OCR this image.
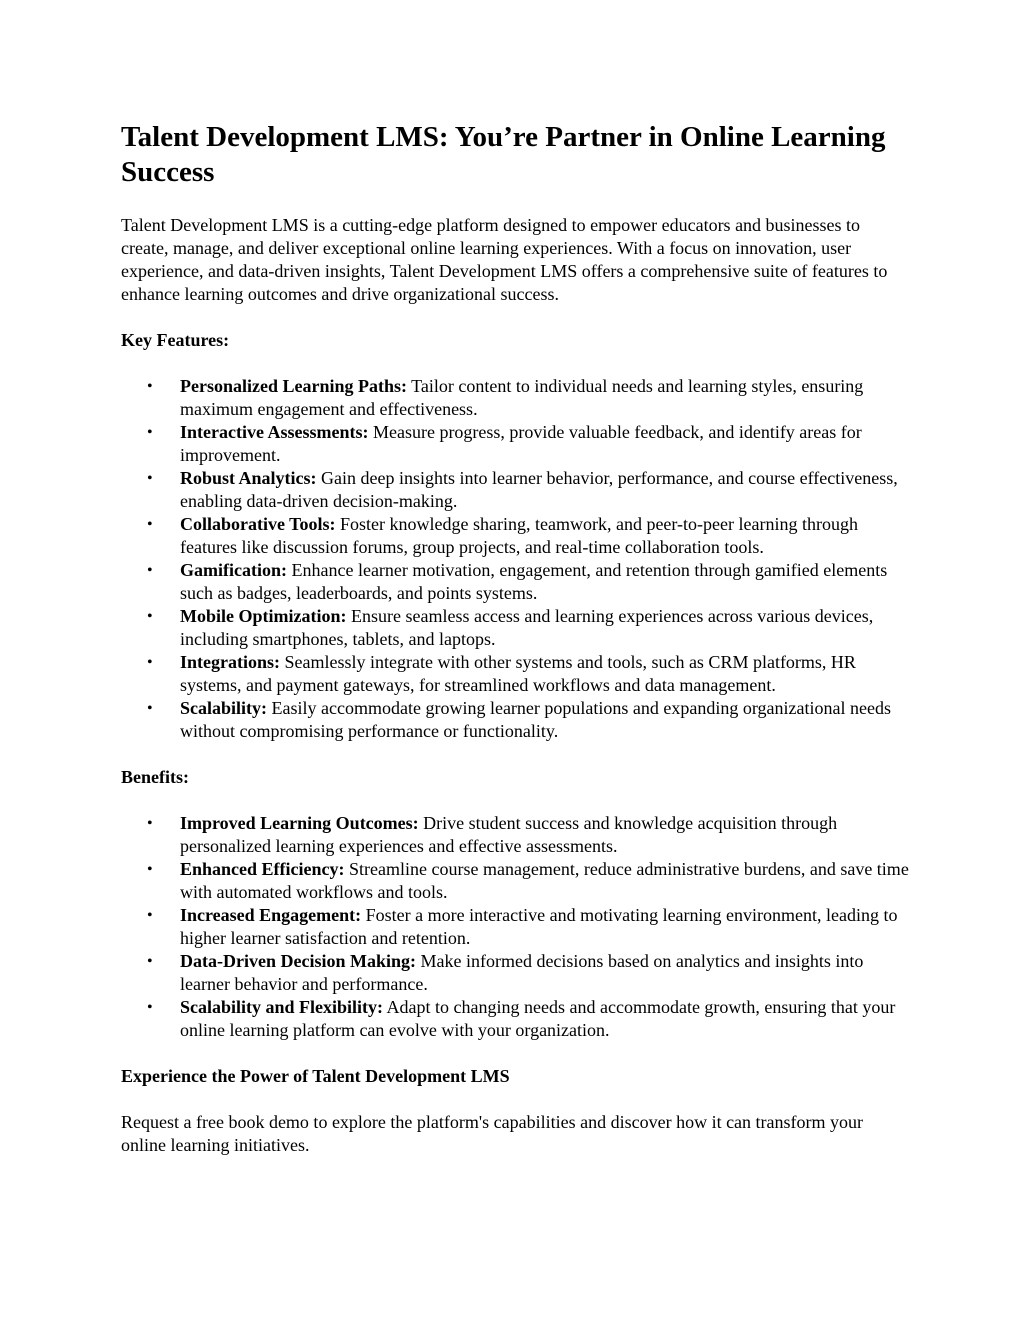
Talent Development LMS: You’re Partner in Online Learning Success

Talent Development LMS is a cutting-edge platform designed to empower educators and businesses to create, manage, and deliver exceptional online learning experiences. With a focus on innovation, user experience, and data-driven insights, Talent Development LMS offers a comprehensive suite of features to enhance learning outcomes and drive organizational success.

Key Features:

• Personalized Learning Paths: Tailor content to individual needs and learning styles, ensuring maximum engagement and effectiveness.
• Interactive Assessments: Measure progress, provide valuable feedback, and identify areas for improvement.
• Robust Analytics: Gain deep insights into learner behavior, performance, and course effectiveness, enabling data-driven decision-making.
• Collaborative Tools: Foster knowledge sharing, teamwork, and peer-to-peer learning through features like discussion forums, group projects, and real-time collaboration tools.
• Gamification: Enhance learner motivation, engagement, and retention through gamified elements such as badges, leaderboards, and points systems.
• Mobile Optimization: Ensure seamless access and learning experiences across various devices, including smartphones, tablets, and laptops.
• Integrations: Seamlessly integrate with other systems and tools, such as CRM platforms, HR systems, and payment gateways, for streamlined workflows and data management.
• Scalability: Easily accommodate growing learner populations and expanding organizational needs without compromising performance or functionality.

Benefits:

• Improved Learning Outcomes: Drive student success and knowledge acquisition through personalized learning experiences and effective assessments.
• Enhanced Efficiency: Streamline course management, reduce administrative burdens, and save time with automated workflows and tools.
• Increased Engagement: Foster a more interactive and motivating learning environment, leading to higher learner satisfaction and retention.
• Data-Driven Decision Making: Make informed decisions based on analytics and insights into learner behavior and performance.
• Scalability and Flexibility: Adapt to changing needs and accommodate growth, ensuring that your online learning platform can evolve with your organization.

Experience the Power of Talent Development LMS

Request a free book demo to explore the platform's capabilities and discover how it can transform your online learning initiatives.
